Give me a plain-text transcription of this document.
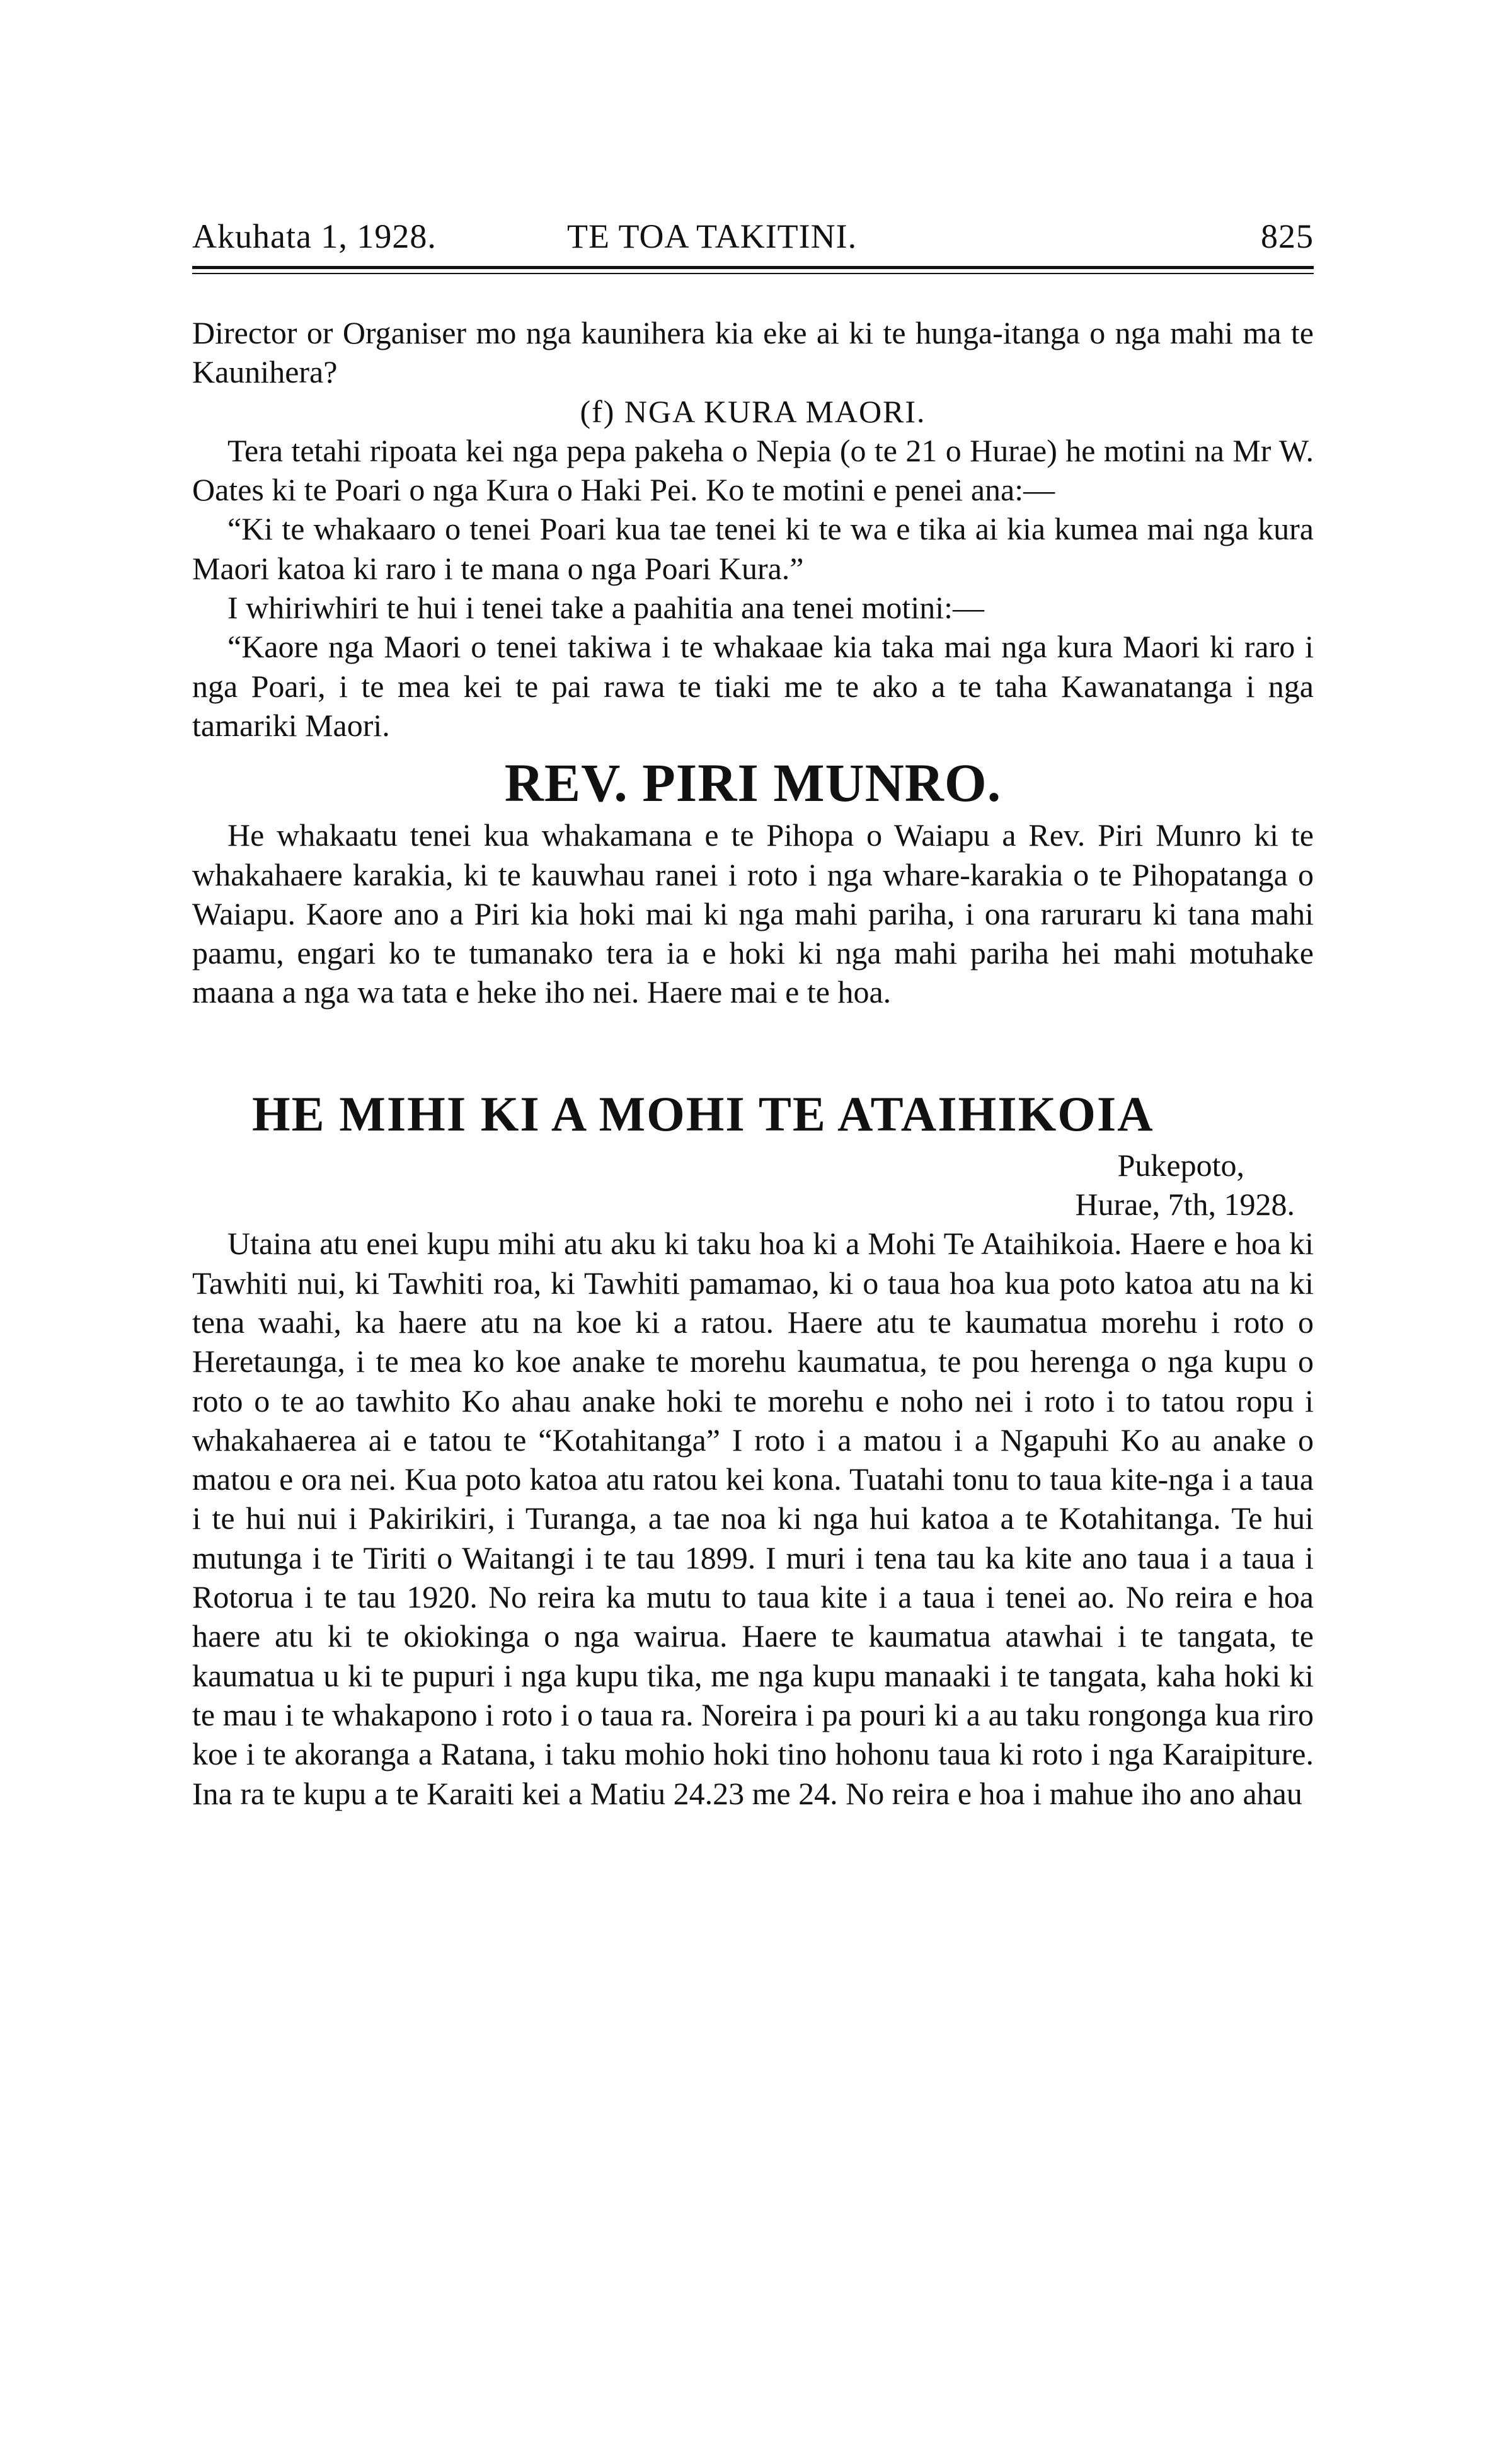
Akuhata 1, 1928.	TE TOA TAKITINI.	825

Director or Organiser mo nga kaunihera kia eke ai ki te hunga-itanga o nga mahi ma te Kaunihera?

(f) NGA KURA MAORI.

Tera tetahi ripoata kei nga pepa pakeha o Nepia (o te 21 o Hurae) he motini na Mr W. Oates ki te Poari o nga Kura o Haki Pei. Ko te motini e penei ana:—

“Ki te whakaaro o tenei Poari kua tae tenei ki te wa e tika ai kia kumea mai nga kura Maori katoa ki raro i te mana o nga Poari Kura.”

I whiriwhiri te hui i tenei take a paahitia ana tenei motini:—

“Kaore nga Maori o tenei takiwa i te whakaae kia taka mai nga kura Maori ki raro i nga Poari, i te mea kei te pai rawa te tiaki me te ako a te taha Kawanatanga i nga tamariki Maori.

REV. PIRI MUNRO.

He whakaatu tenei kua whakamana e te Pihopa o Waiapu a Rev. Piri Munro ki te whakahaere karakia, ki te kauwhau ranei i roto i nga whare-karakia o te Pihopatanga o Waiapu. Kaore ano a Piri kia hoki mai ki nga mahi pariha, i ona raruraru ki tana mahi paamu, engari ko te tumanako tera ia e hoki ki nga mahi pariha hei mahi motuhake maana a nga wa tata e heke iho nei. Haere mai e te hoa.

HE MIHI KI A MOHI TE ATAIHIKOIA

Pukepoto,

Hurae, 7th, 1928.

Utaina atu enei kupu mihi atu aku ki taku hoa ki a Mohi Te Ataihikoia. Haere e hoa ki Tawhiti nui, ki Tawhiti roa, ki Tawhiti pamamao, ki o taua hoa kua poto katoa atu na ki tena waahi, ka haere atu na koe ki a ratou. Haere atu te kaumatua morehu i roto o Heretaunga, i te mea ko koe anake te morehu kaumatua, te pou herenga o nga kupu o roto o te ao tawhito Ko ahau anake hoki te morehu e noho nei i roto i to tatou ropu i whakahaerea ai e tatou te “Kotahitanga” I roto i a matou i a Ngapuhi Ko au anake o matou e ora nei. Kua poto katoa atu ratou kei kona. Tuatahi tonu to taua kite-nga i a taua i te hui nui i Pakirikiri, i Turanga, a tae noa ki nga hui katoa a te Kotahitanga. Te hui mutunga i te Tiriti o Waitangi i te tau 1899. I muri i tena tau ka kite ano taua i a taua i Rotorua i te tau 1920. No reira ka mutu to taua kite i a taua i tenei ao. No reira e hoa haere atu ki te okiokinga o nga wairua. Haere te kaumatua atawhai i te tangata, te kaumatua u ki te pupuri i nga kupu tika, me nga kupu manaaki i te tangata, kaha hoki ki te mau i te whakapono i roto i o taua ra. Noreira i pa pouri ki a au taku rongonga kua riro koe i te akoranga a Ratana, i taku mohio hoki tino hohonu taua ki roto i nga Karaipiture. Ina ra te kupu a te Karaiti kei a Matiu 24.23 me 24. No reira e hoa i mahue iho ano ahau
